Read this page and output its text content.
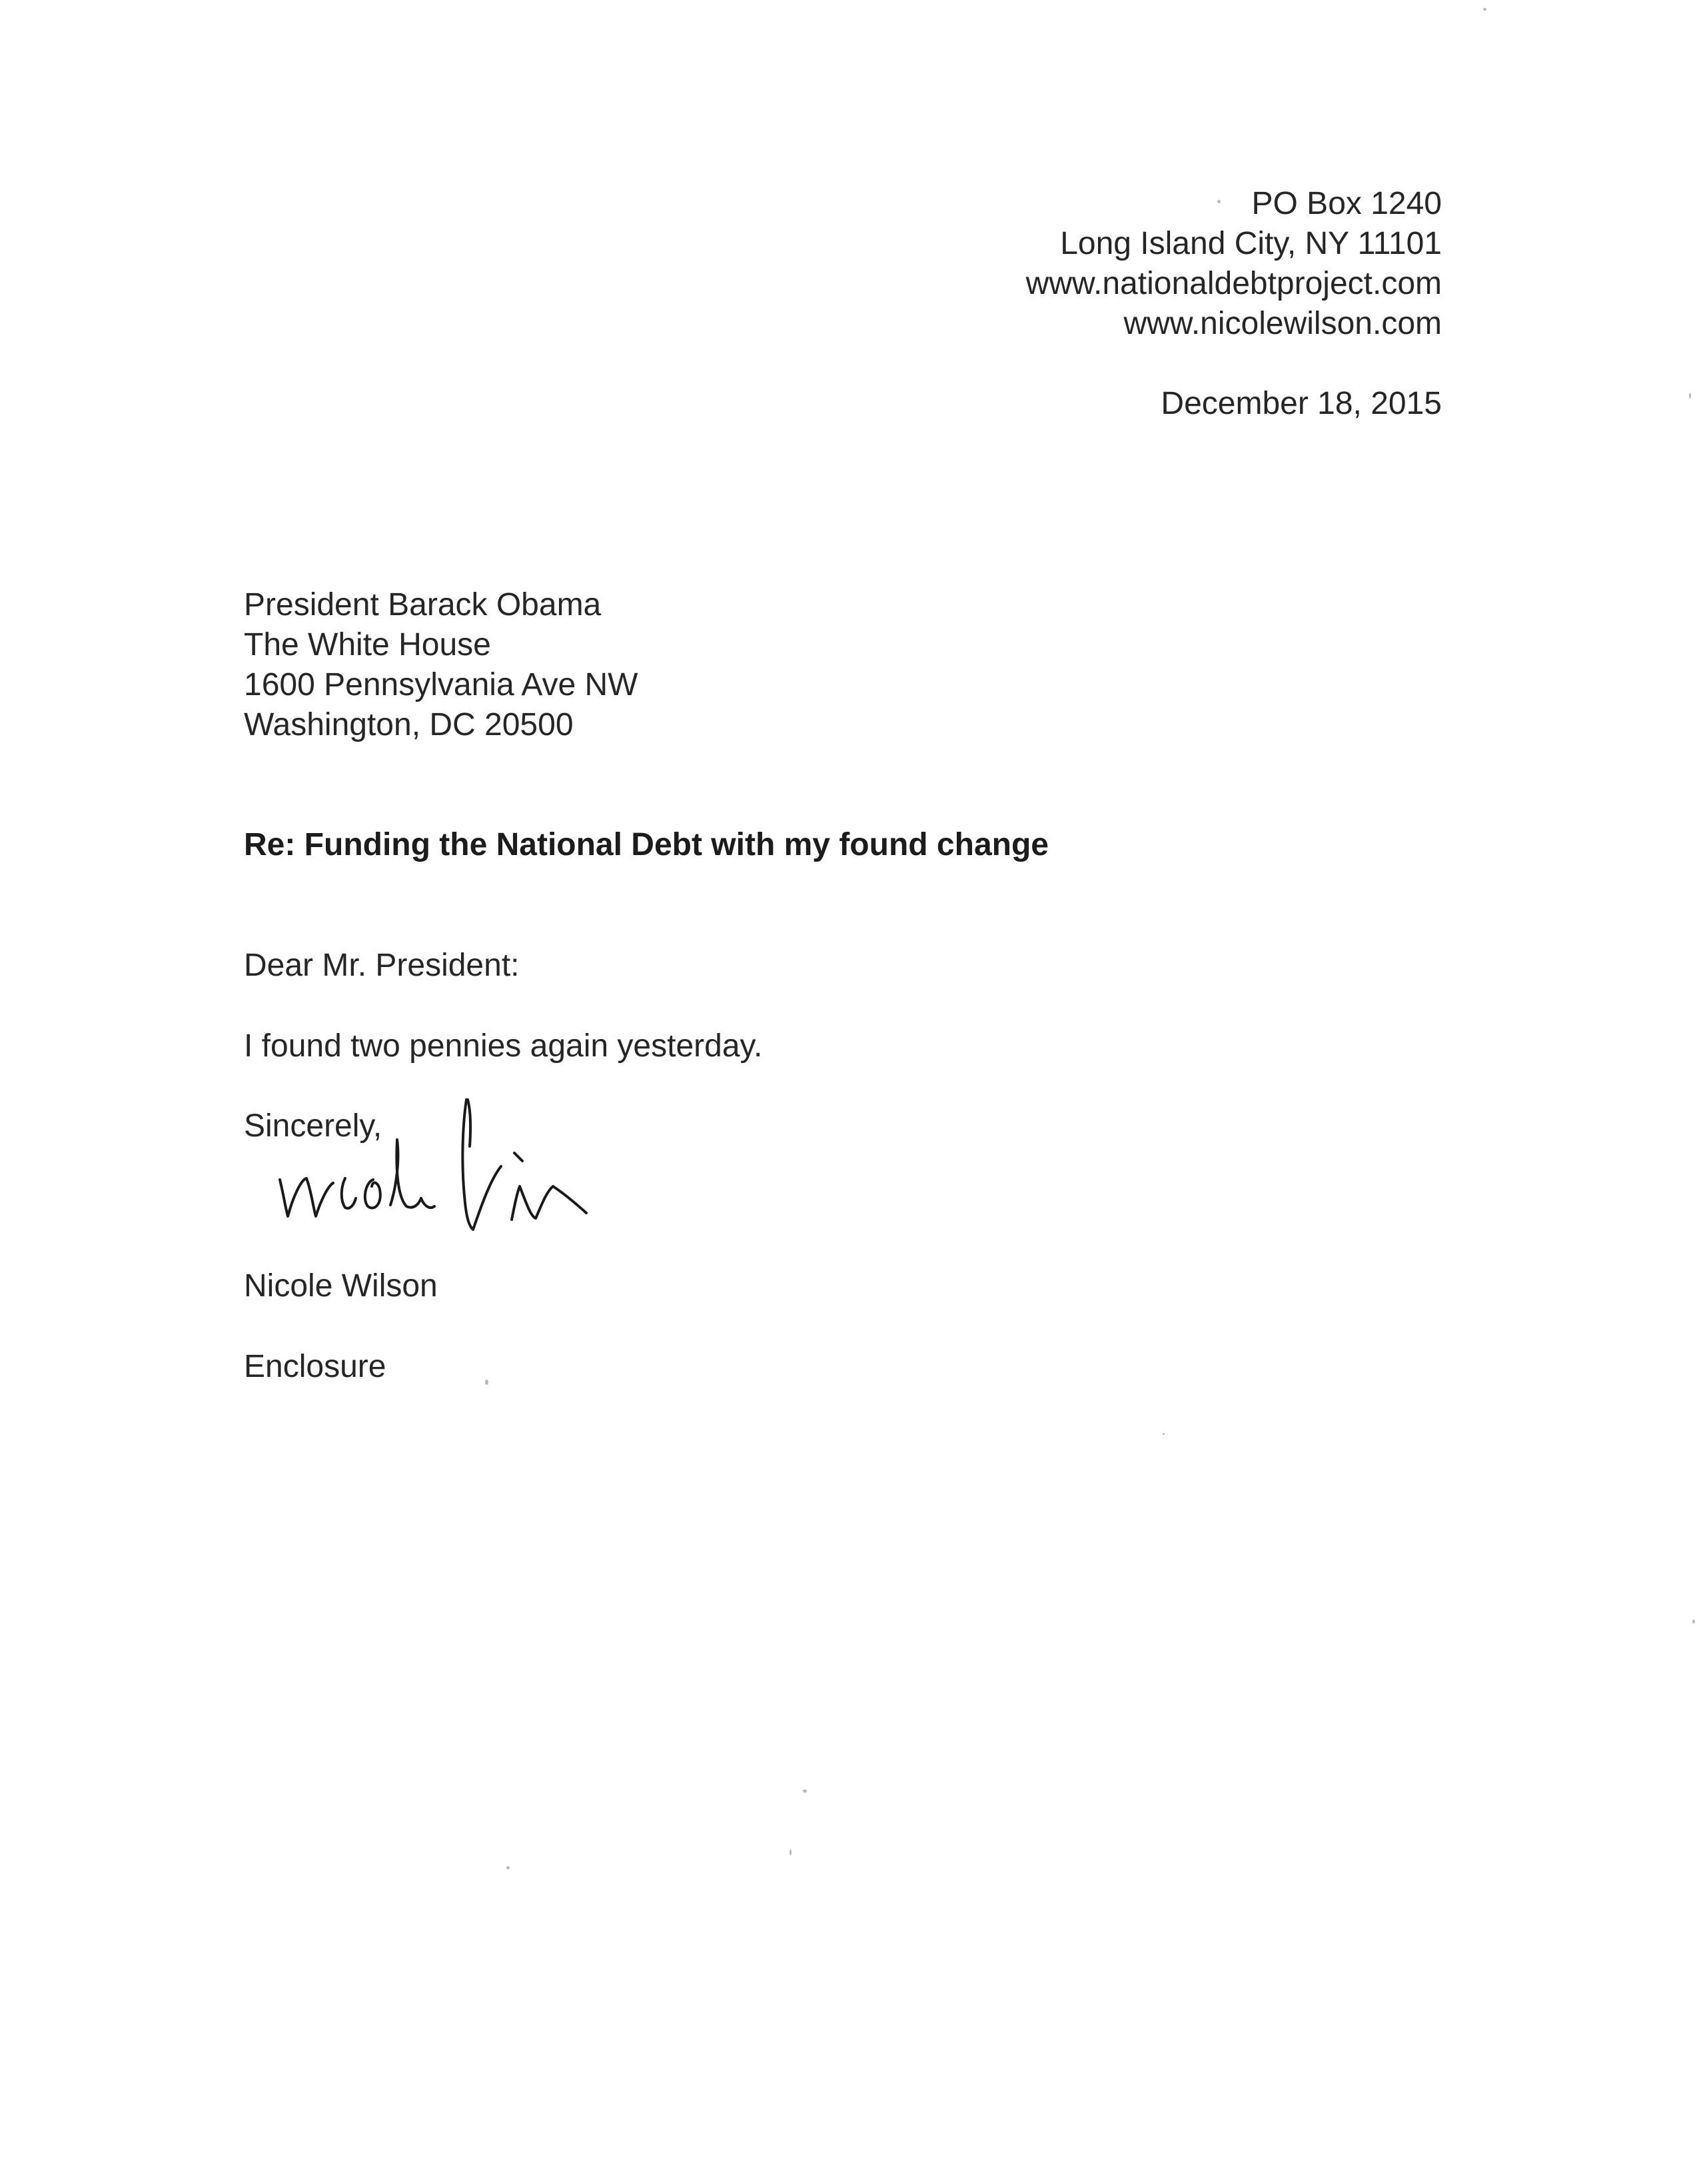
PO Box 1240
Long Island City, NY 11101
www.nationaldebtproject.com
www.nicolewilson.com
December 18, 2015
President Barack Obama
The White House
1600 Pennsylvania Ave NW
Washington, DC 20500
Re: Funding the National Debt with my found change
Dear Mr. President:
I found two pennies again yesterday.
Sincerely,
Nicole Wilson
Enclosure
